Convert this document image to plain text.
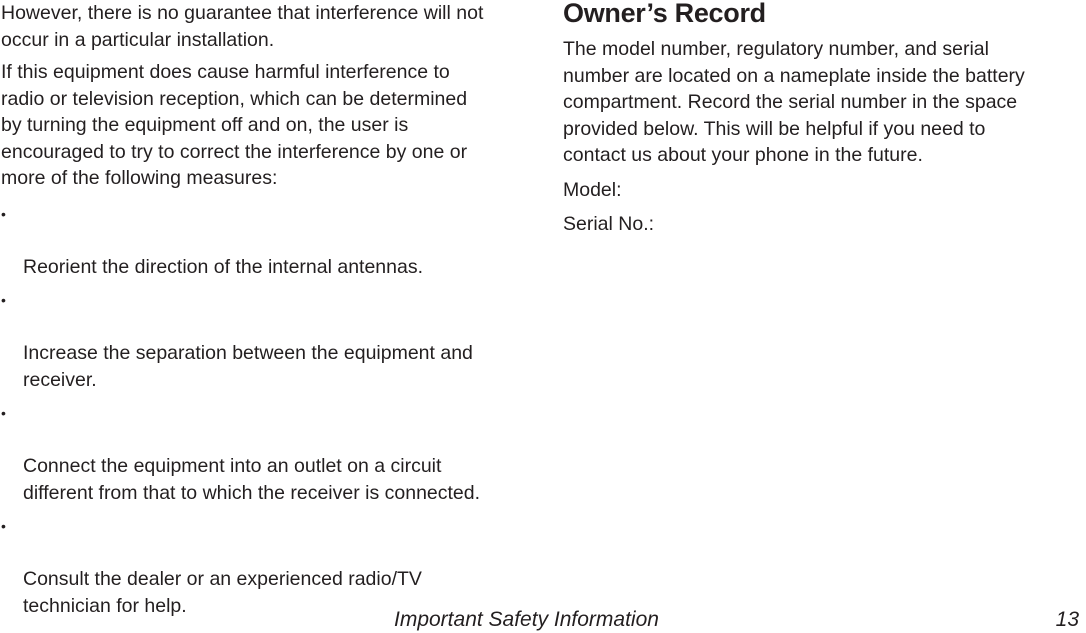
However, there is no guarantee that interference will not
occur in a particular installation.

If this equipment does cause harmful interference to
radio or television reception, which can be determined
by turning the equipment off and on, the user is
encouraged to try to correct the interference by one or
more of the following measures:

•

Reorient the direction of the internal antennas.

•

Increase the separation between the equipment and
receiver.

•

Connect the equipment into an outlet on a circuit
different from that to which the receiver is connected.

•

Consult the dealer or an experienced radio/TV
technician for help.

Owner’s Record

The model number, regulatory number, and serial
number are located on a nameplate inside the battery
compartment. Record the serial number in the space
provided below. This will be helpful if you need to
contact us about your phone in the future.

Model:

Serial No.:

Important Safety Information	13
